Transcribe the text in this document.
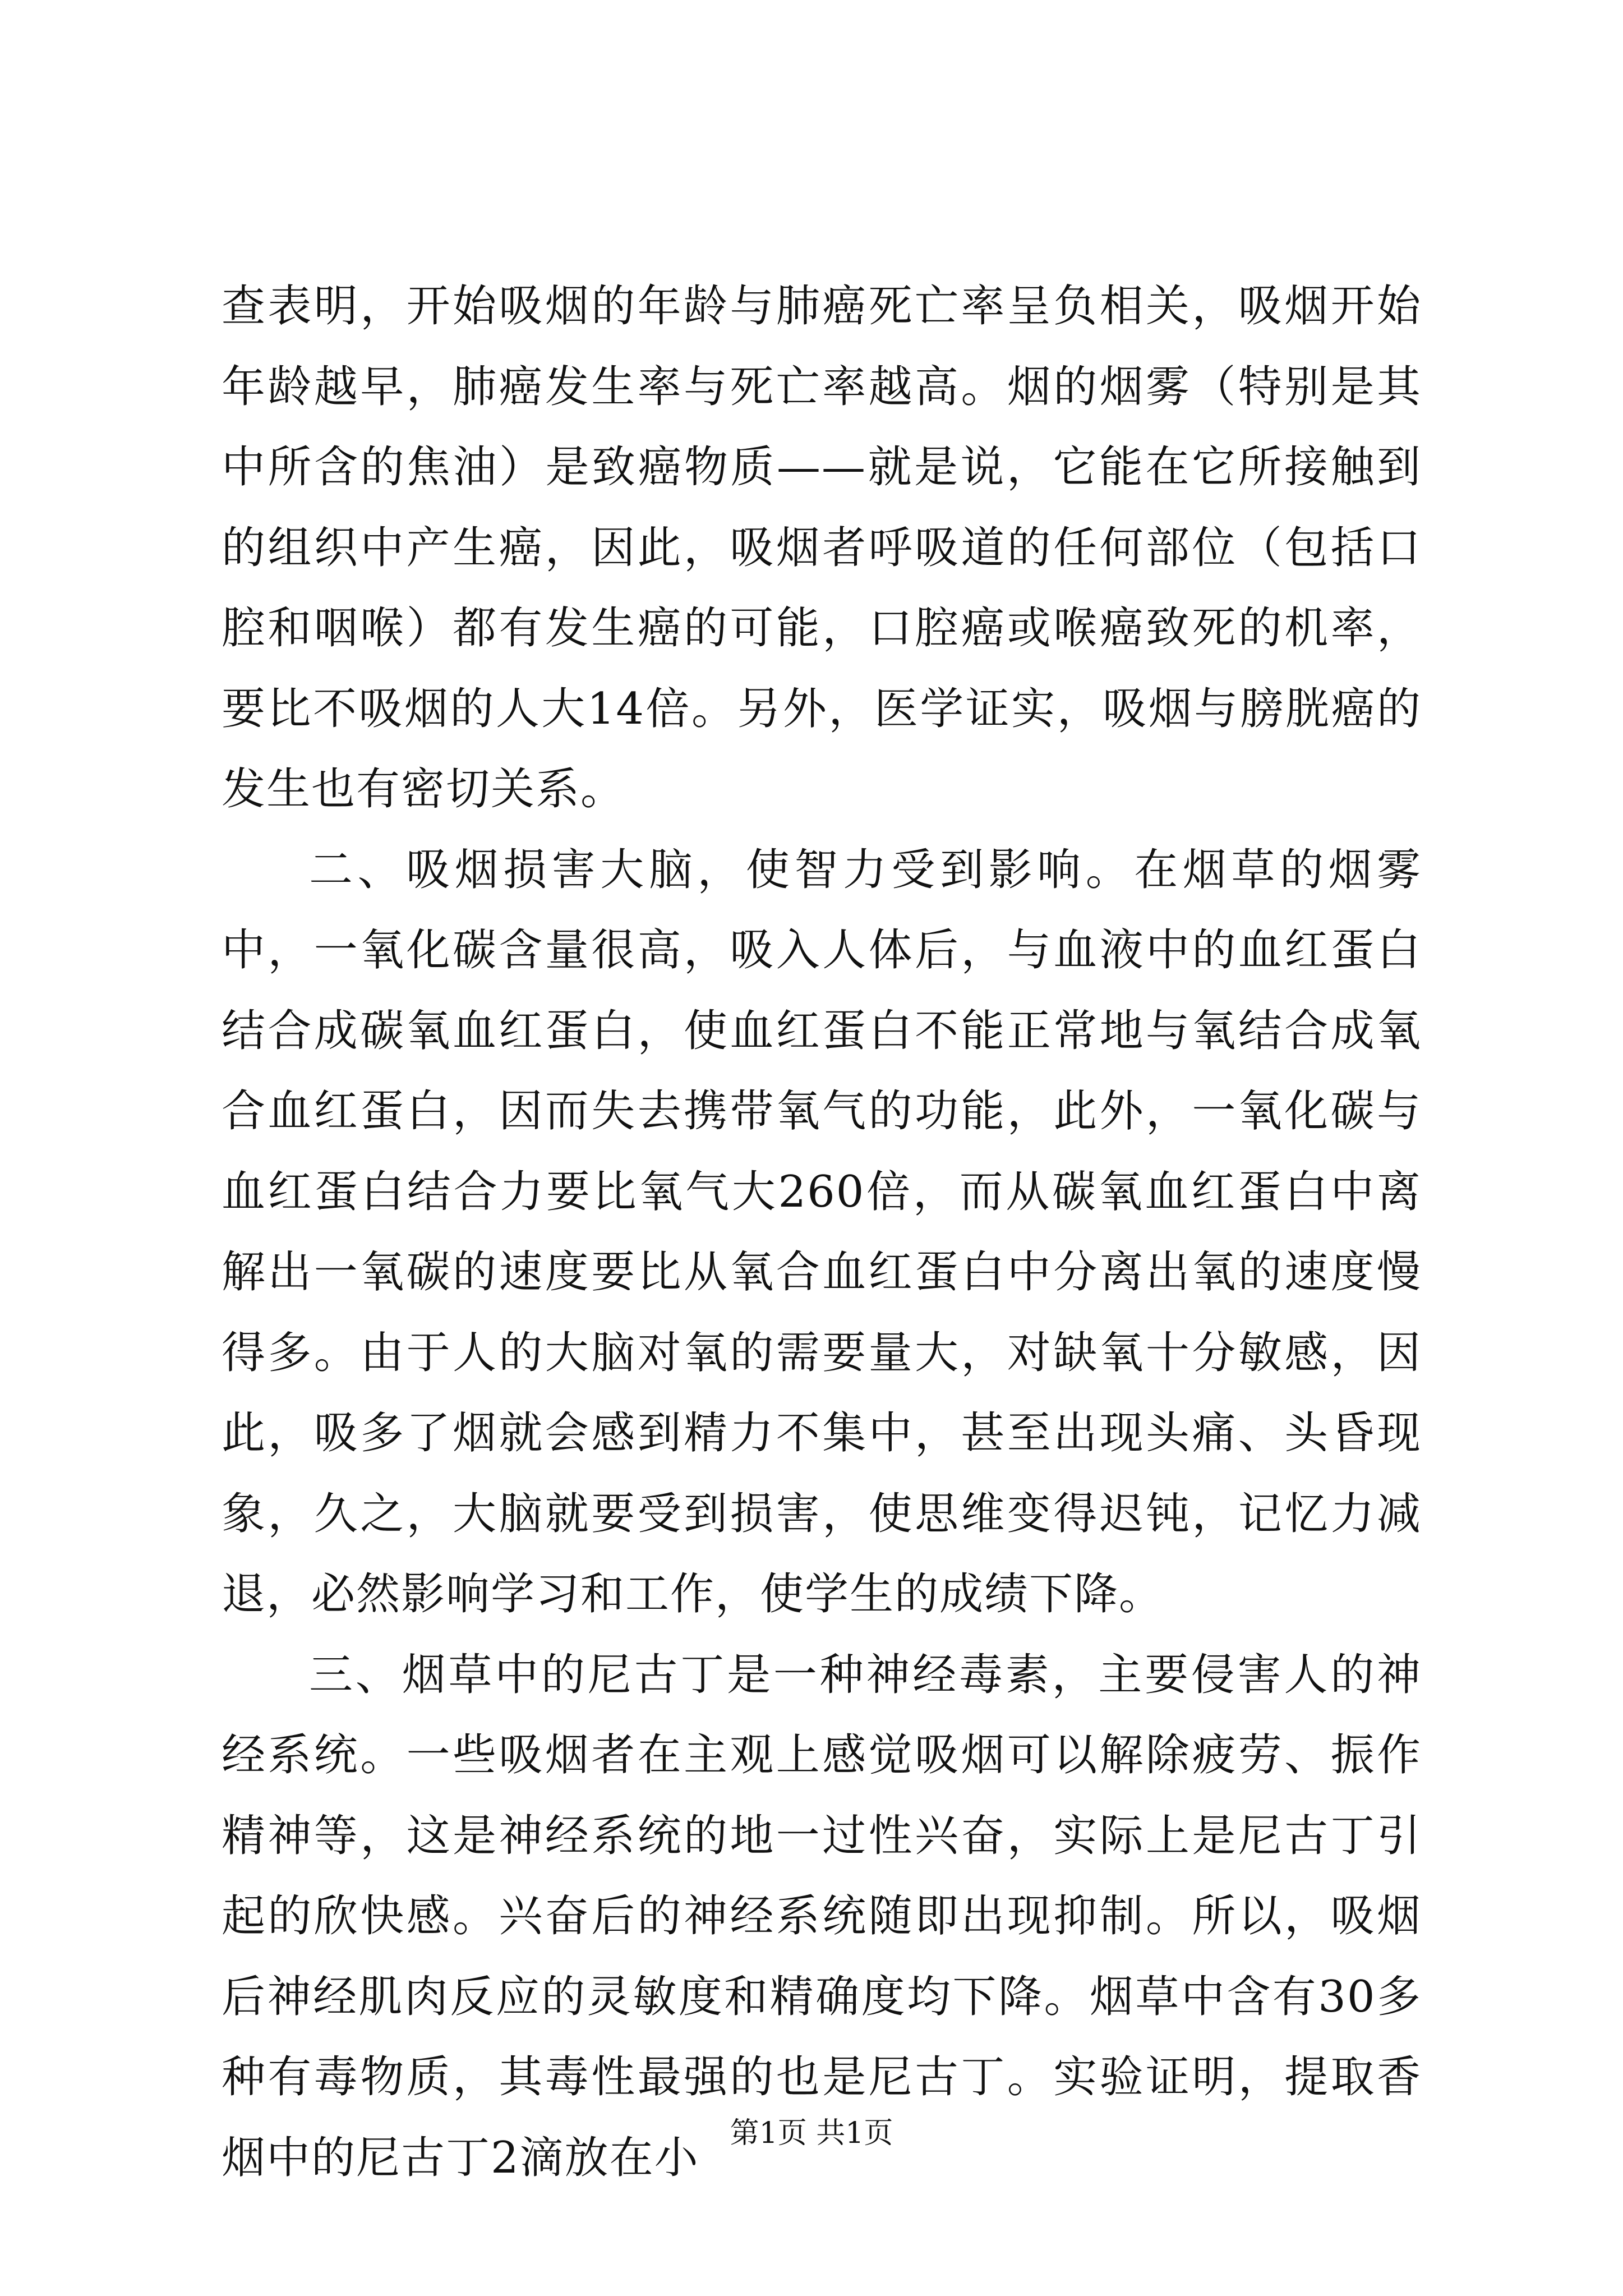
查表明，开始吸烟的年龄与肺癌死亡率呈负相关，吸烟开始年龄越早，肺癌发生率与死亡率越高。烟的烟雾（特别是其中所含的焦油）是致癌物质——就是说，它能在它所接触到的组织中产生癌，因此，吸烟者呼吸道的任何部位（包括口腔和咽喉）都有发生癌的可能，口腔癌或喉癌致死的机率，要比不吸烟的人大14倍。另外，医学证实，吸烟与膀胱癌的发生也有密切关系。

二、吸烟损害大脑，使智力受到影响。在烟草的烟雾中，一氧化碳含量很高，吸入人体后，与血液中的血红蛋白结合成碳氧血红蛋白，使血红蛋白不能正常地与氧结合成氧合血红蛋白，因而失去携带氧气的功能，此外，一氧化碳与血红蛋白结合力要比氧气大260倍，而从碳氧血红蛋白中离解出一氧碳的速度要比从氧合血红蛋白中分离出氧的速度慢得多。由于人的大脑对氧的需要量大，对缺氧十分敏感，因此，吸多了烟就会感到精力不集中，甚至出现头痛、头昏现象，久之，大脑就要受到损害，使思维变得迟钝，记忆力减退，必然影响学习和工作，使学生的成绩下降。

三、烟草中的尼古丁是一种神经毒素，主要侵害人的神经系统。一些吸烟者在主观上感觉吸烟可以解除疲劳、振作精神等，这是神经系统的地一过性兴奋，实际上是尼古丁引起的欣快感。兴奋后的神经系统随即出现抑制。所以，吸烟后神经肌肉反应的灵敏度和精确度均下降。烟草中含有30多种有毒物质，其毒性最强的也是尼古丁。实验证明，提取香烟中的尼古丁2滴放在小	第1页 共1页
